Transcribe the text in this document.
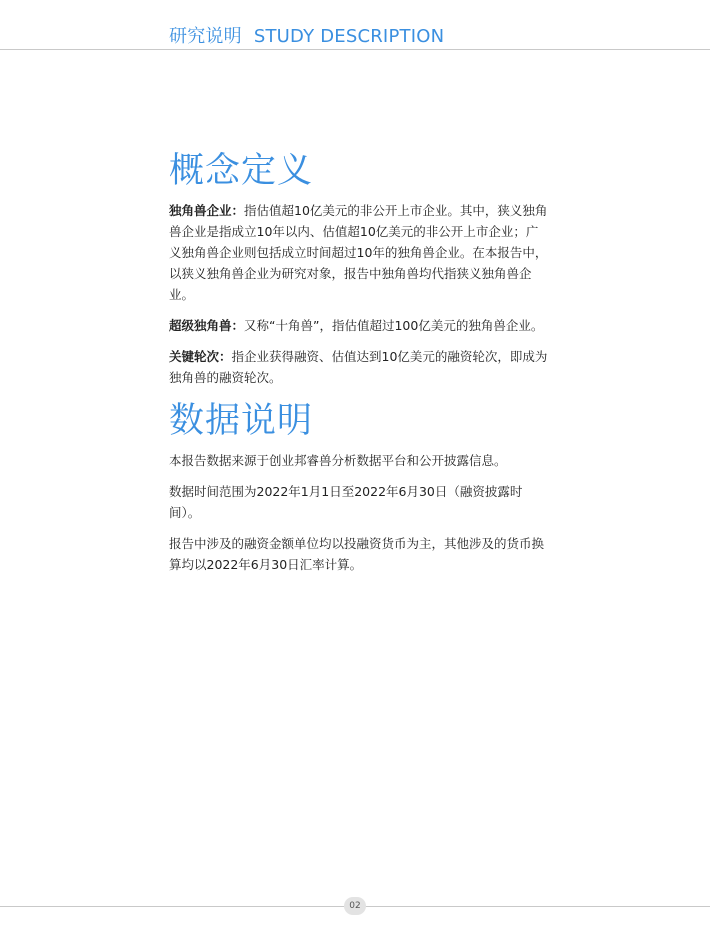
研究说明 STUDY DESCRIPTION
概念定义

独角兽企业：指估值超10亿美元的非公开上市企业。其中，狭义独角兽企业是指成立10年以内、估值超10亿美元的非公开上市企业；广义独角兽企业则包括成立时间超过10年的独角兽企业。在本报告中，以狭义独角兽企业为研究对象，报告中独角兽均代指狭义独角兽企业。

超级独角兽：又称“十角兽”，指估值超过100亿美元的独角兽企业。

关键轮次：指企业获得融资、估值达到10亿美元的融资轮次，即成为独角兽的融资轮次。

数据说明

本报告数据来源于创业邦睿兽分析数据平台和公开披露信息。

数据时间范围为2022年1月1日至2022年6月30日（融资披露时间）。

报告中涉及的融资金额单位均以投融资货币为主，其他涉及的货币换算均以2022年6月30日汇率计算。

02
